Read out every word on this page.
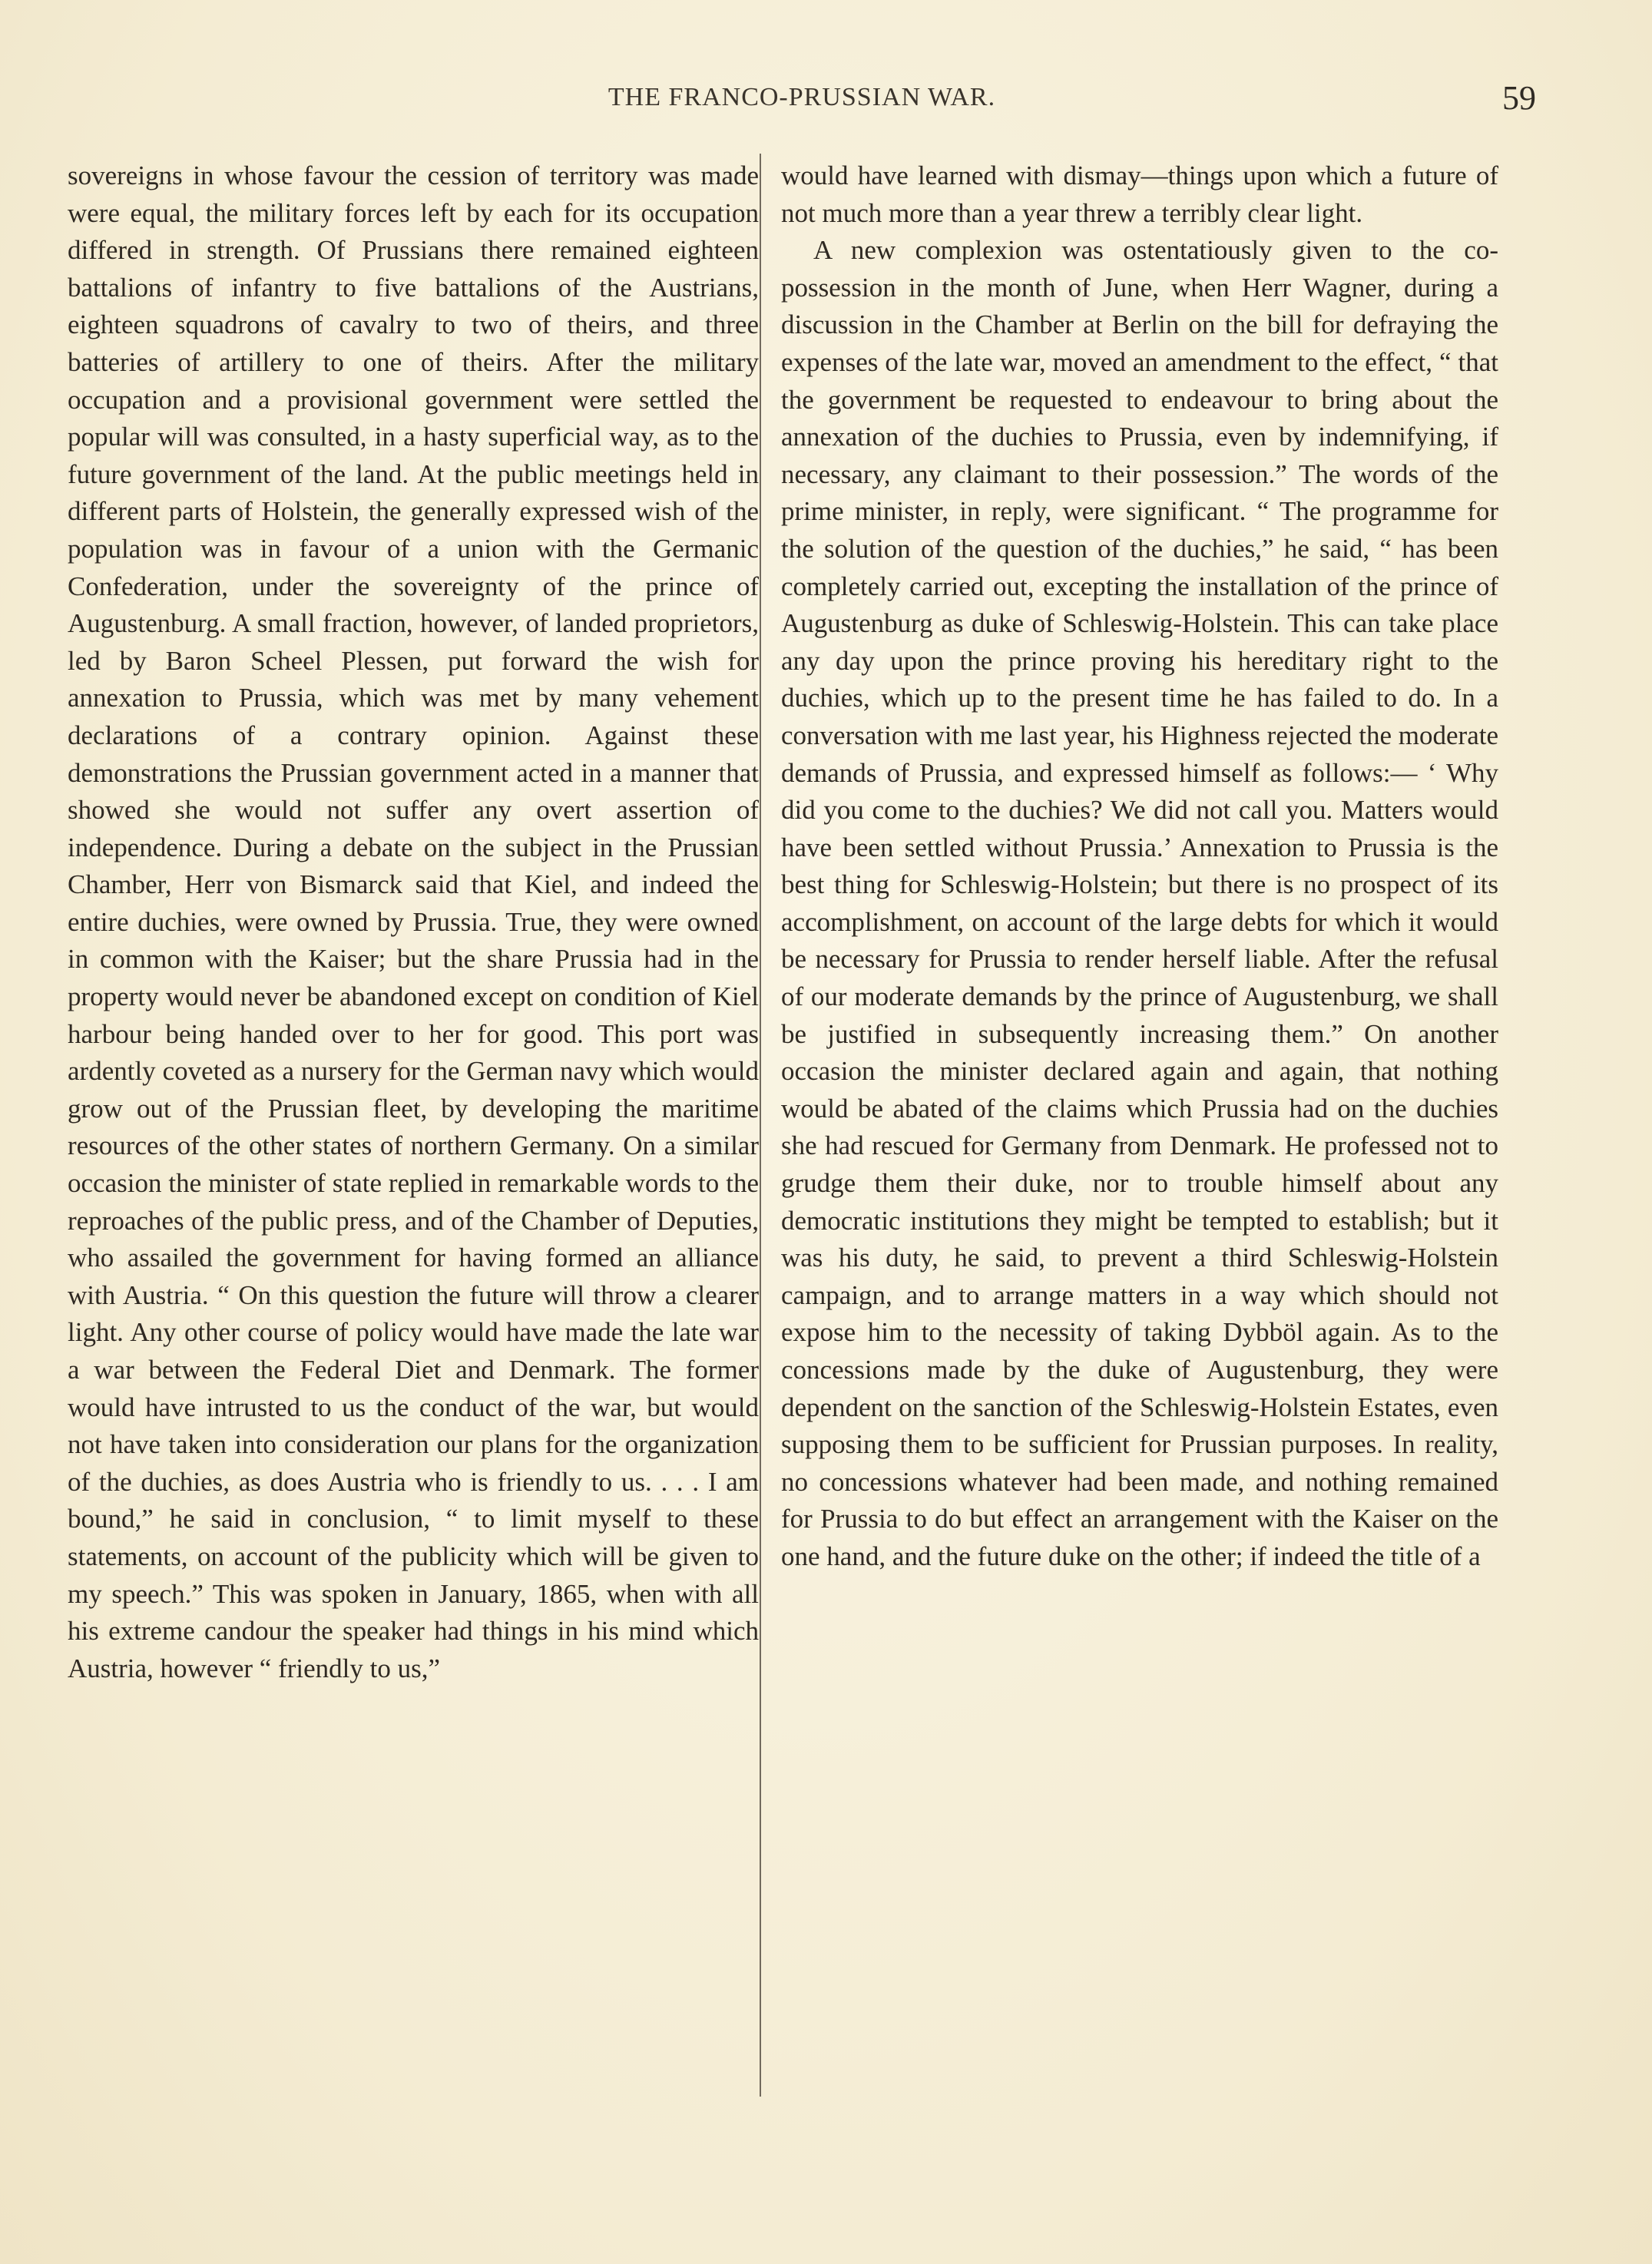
THE FRANCO-PRUSSIAN WAR.	59

sovereigns in whose favour the cession of territory was made were equal, the military forces left by each for its occupation differed in strength. Of Prussians there remained eighteen battalions of infantry to five battalions of the Austrians, eighteen squadrons of cavalry to two of theirs, and three batteries of artillery to one of theirs. After the military occupation and a provisional government were settled the popular will was consulted, in a hasty superficial way, as to the future government of the land. At the public meetings held in different parts of Holstein, the generally expressed wish of the population was in favour of a union with the Germanic Confederation, under the sovereignty of the prince of Augustenburg. A small fraction, however, of landed proprietors, led by Baron Scheel Plessen, put forward the wish for annexation to Prussia, which was met by many vehement declarations of a contrary opinion. Against these demonstrations the Prussian government acted in a manner that showed she would not suffer any overt assertion of independence. During a debate on the subject in the Prussian Chamber, Herr von Bismarck said that Kiel, and indeed the entire duchies, were owned by Prussia. True, they were owned in common with the Kaiser; but the share Prussia had in the property would never be abandoned except on condition of Kiel harbour being handed over to her for good. This port was ardently coveted as a nursery for the German navy which would grow out of the Prussian fleet, by developing the maritime resources of the other states of northern Germany. On a similar occasion the minister of state replied in remarkable words to the reproaches of the public press, and of the Chamber of Deputies, who assailed the government for having formed an alliance with Austria. “ On this question the future will throw a clearer light. Any other course of policy would have made the late war a war between the Federal Diet and Denmark. The former would have intrusted to us the conduct of the war, but would not have taken into consideration our plans for the organization of the duchies, as does Austria who is friendly to us. . . . I am bound,” he said in conclusion, “ to limit myself to these statements, on account of the publicity which will be given to my speech.” This was spoken in January, 1865, when with all his extreme candour the speaker had things in his mind which Austria, however “ friendly to us,”

would have learned with dismay—things upon which a future of not much more than a year threw a terribly clear light.

A new complexion was ostentatiously given to the co-possession in the month of June, when Herr Wagner, during a discussion in the Chamber at Berlin on the bill for defraying the expenses of the late war, moved an amendment to the effect, “ that the government be requested to endeavour to bring about the annexation of the duchies to Prussia, even by indemnifying, if necessary, any claimant to their possession.” The words of the prime minister, in reply, were significant. “ The programme for the solution of the question of the duchies,” he said, “ has been completely carried out, excepting the installation of the prince of Augustenburg as duke of Schleswig-Holstein. This can take place any day upon the prince proving his hereditary right to the duchies, which up to the present time he has failed to do. In a conversation with me last year, his Highness rejected the moderate demands of Prussia, and expressed himself as follows:— ‘ Why did you come to the duchies? We did not call you. Matters would have been settled without Prussia.’ Annexation to Prussia is the best thing for Schleswig-Holstein; but there is no prospect of its accomplishment, on account of the large debts for which it would be necessary for Prussia to render herself liable. After the refusal of our moderate demands by the prince of Augustenburg, we shall be justified in subsequently increasing them.” On another occasion the minister declared again and again, that nothing would be abated of the claims which Prussia had on the duchies she had rescued for Germany from Denmark. He professed not to grudge them their duke, nor to trouble himself about any democratic institutions they might be tempted to establish; but it was his duty, he said, to prevent a third Schleswig-Holstein campaign, and to arrange matters in a way which should not expose him to the necessity of taking Dybböl again. As to the concessions made by the duke of Augustenburg, they were dependent on the sanction of the Schleswig-Holstein Estates, even supposing them to be sufficient for Prussian purposes. In reality, no concessions whatever had been made, and nothing remained for Prussia to do but effect an arrangement with the Kaiser on the one hand, and the future duke on the other; if indeed the title of a
